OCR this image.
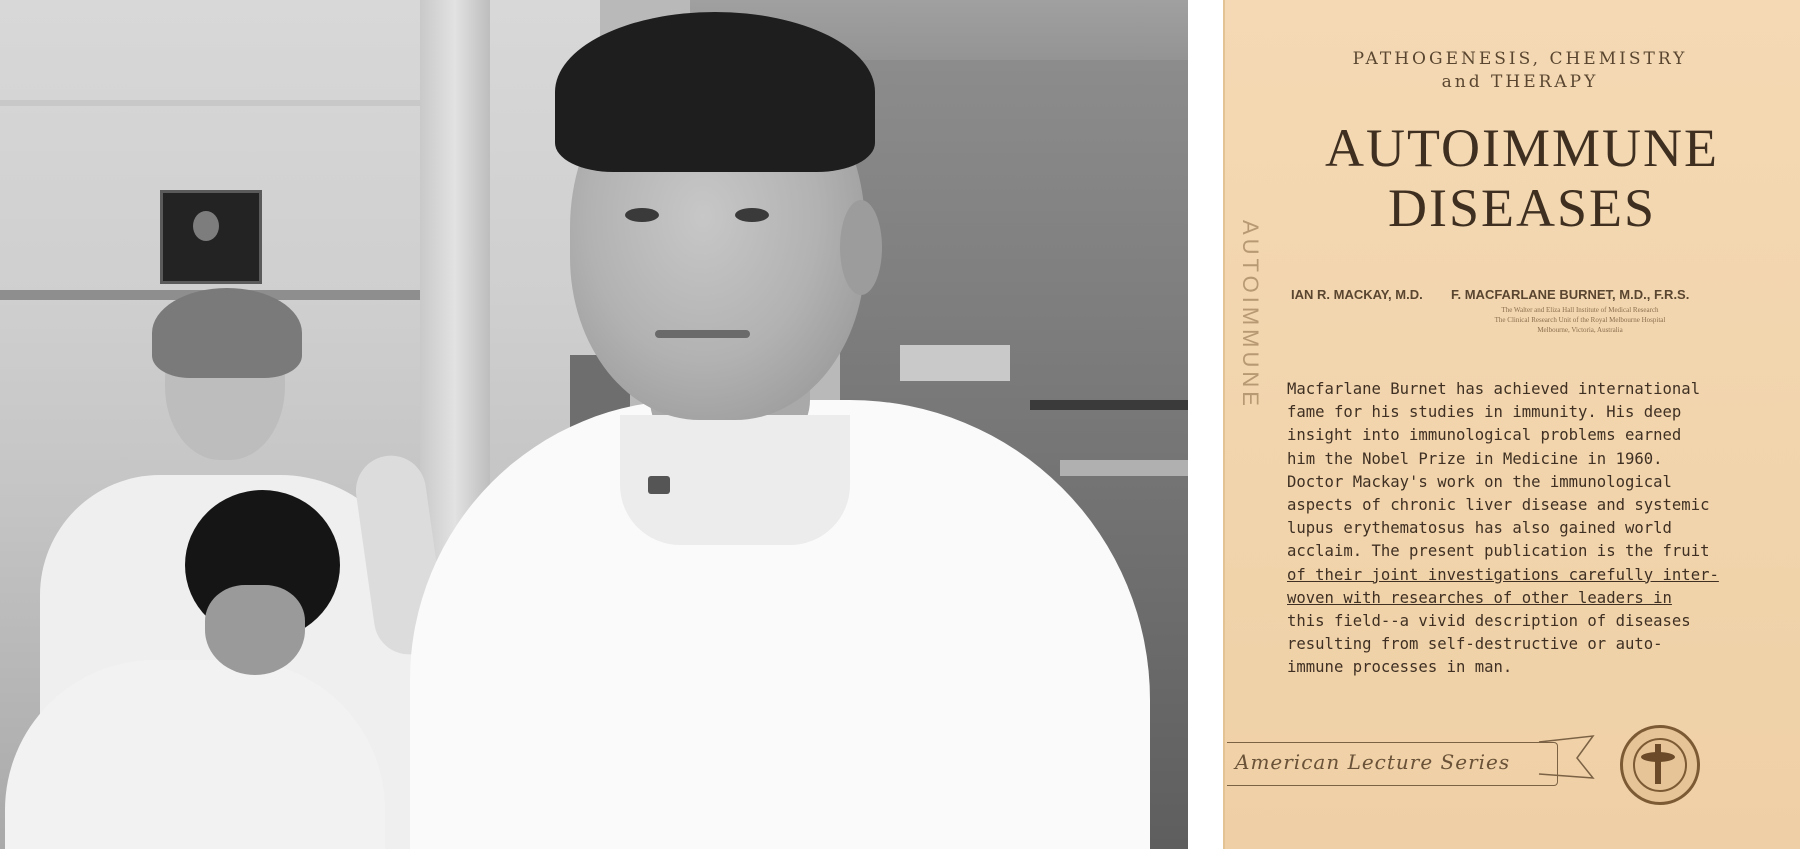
AUTOIMMUNE
PATHOGENESIS, CHEMISTRY
and THERAPY
AUTOIMMUNE
DISEASES
IAN R. MACKAY, M.D. F. MACFARLANE BURNET, M.D., F.R.S.
The Walter and Eliza Hall Institute of Medical Research
The Clinical Research Unit of the Royal Melbourne Hospital
Melbourne, Victoria, Australia
Macfarlane Burnet has achieved international
fame for his studies in immunity. His deep
insight into immunological problems earned
him the Nobel Prize in Medicine in 1960.
Doctor Mackay's work on the immunological
aspects of chronic liver disease and systemic
lupus erythematosus has also gained world
acclaim. The present publication is the fruit
of their joint investigations carefully inter-
woven with researches of other leaders in
this field--a vivid description of diseases
resulting from self-destructive or auto-
immune processes in man.
American Lecture Series
